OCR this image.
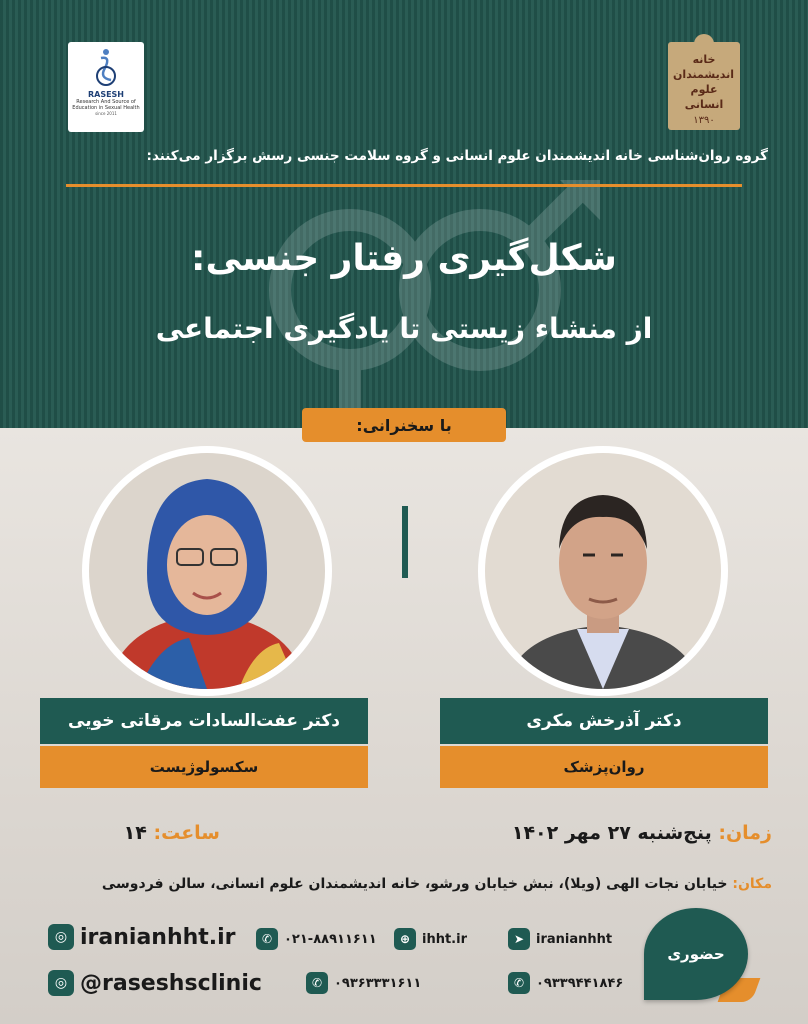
RASESH
Research And Source of
Education in Sexual Health
since 2011
خانه
اندیشمندان
علوم انسانی
۱۳۹۰
گروه روان‌شناسی خانه اندیشمندان علوم انسانی و گروه سلامت جنسی رسش برگزار می‌کنند:
شکل‌گیری رفتار جنسی:
از منشاء زیستی تا یادگیری اجتماعی
با سخنرانی:
دکتر عفت‌السادات مرقاتی خویی	دکتر آذرخش مکری
سکسولوژیست	روان‌پزشک
زمان: پنج‌شنبه ۲۷ مهر ۱۴۰۲
ساعت: ۱۴
مکان: خیابان نجات الهی (ویلا)، نبش خیابان ورشو، خانه اندیشمندان علوم انسانی، سالن فردوسی
◎ iranianhht.ir
◎ @raseshsclinic
✆ ۰۲۱-۸۸۹۱۱۶۱۱
✆ ۰۹۳۶۳۳۳۱۶۱۱
⊕ ihht.ir	➤ iranianhht
✆ ۰۹۳۳۹۴۴۱۸۴۶
حضوری
